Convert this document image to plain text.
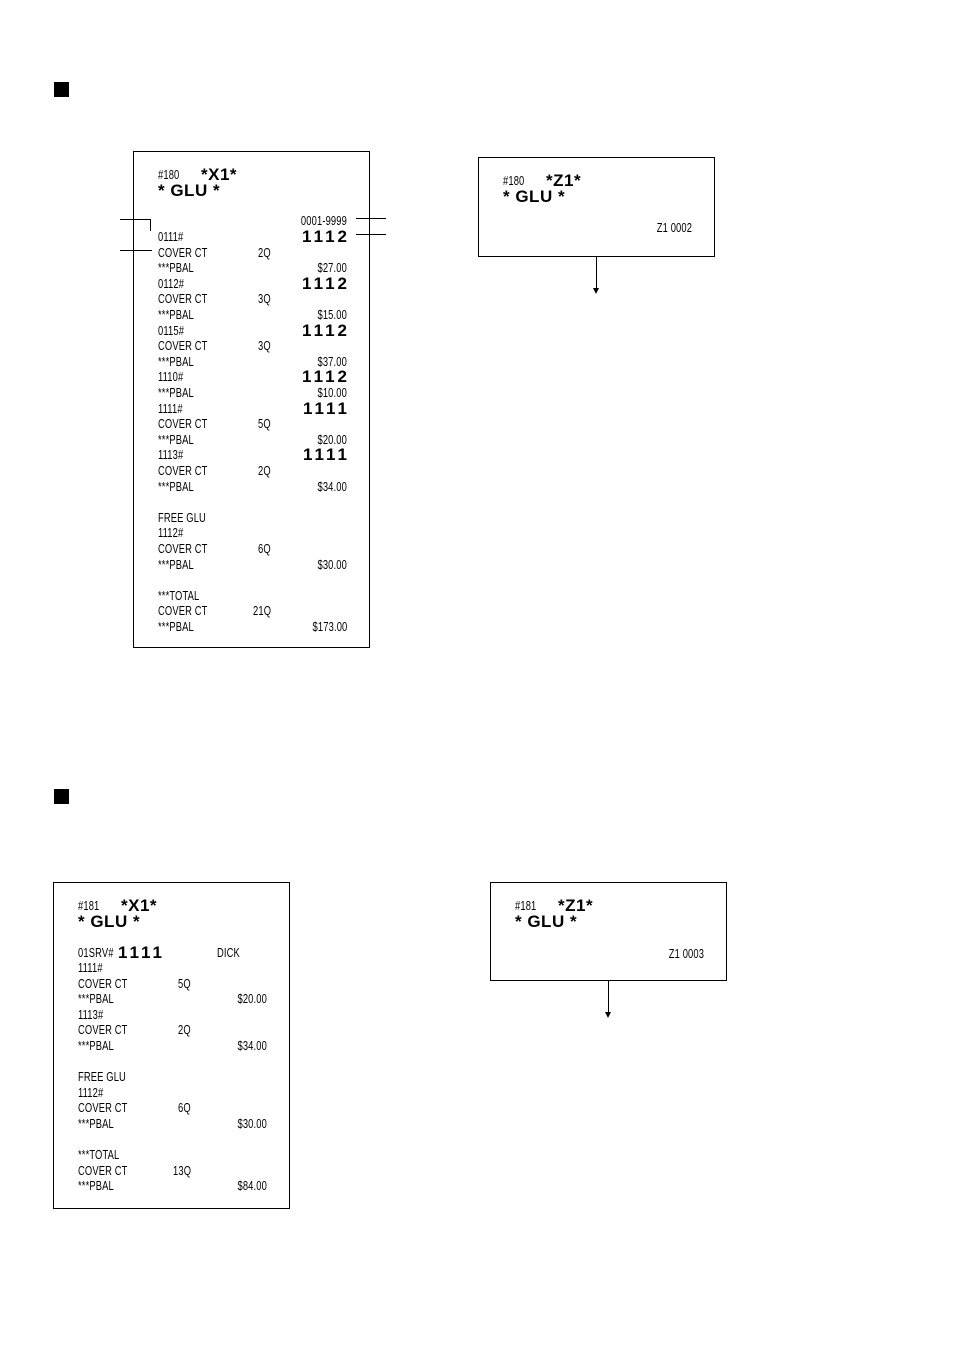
#180 *X1*
* GLU *
0001-9999
0111#	1112
COVER CT	2Q
***PBAL	$27.00
0112#	1112
COVER CT	3Q
***PBAL	$15.00
0115#	1112
COVER CT	3Q
***PBAL	$37.00
1110#	1112
***PBAL	$10.00
1111#	1111
COVER CT	5Q
***PBAL	$20.00
1113#	1111
COVER CT	2Q
***PBAL	$34.00
FREE GLU
1112#
COVER CT	6Q
***PBAL	$30.00
***TOTAL
COVER CT	21Q
***PBAL	$173.00
#180 *Z1*
* GLU *
Z1 0002
#181 *X1*
* GLU *
01SRV# 1111	DICK
1111#
COVER CT	5Q
***PBAL	$20.00
1113#
COVER CT	2Q
***PBAL	$34.00
FREE GLU
1112#
COVER CT	6Q
***PBAL	$30.00
***TOTAL
COVER CT	13Q
***PBAL	$84.00
#181 *Z1*
* GLU *
Z1 0003
